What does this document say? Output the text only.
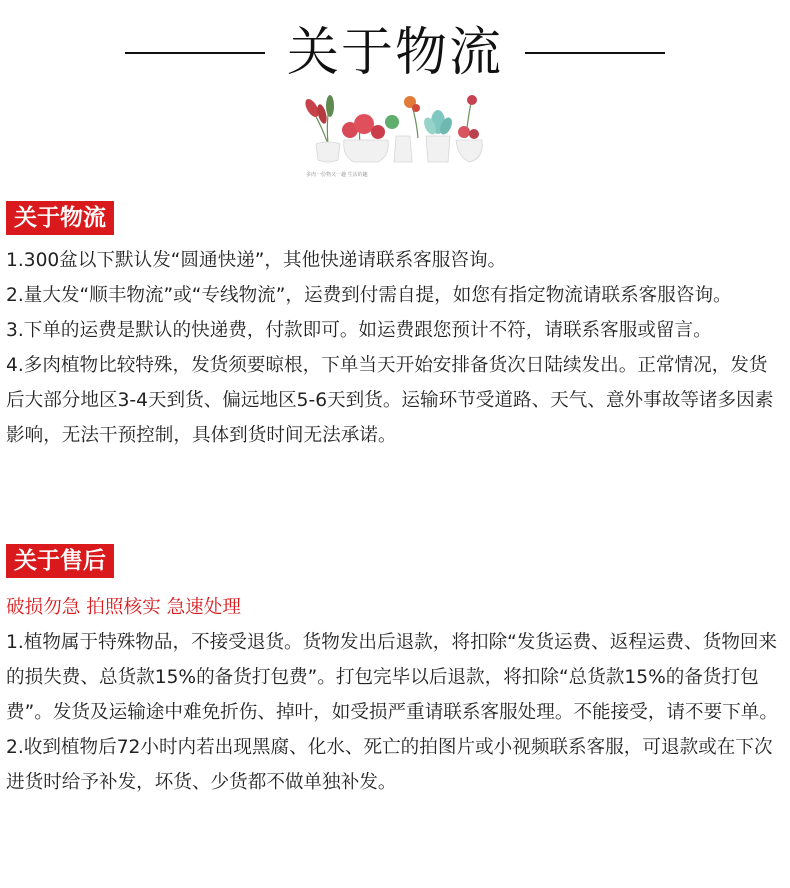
关于物流
多肉一份物又一趣 生活的趣
关于物流

1.300盆以下默认发“圆通快递”，其他快递请联系客服咨询。

2.量大发“顺丰物流”或“专线物流”，运费到付需自提，如您有指定物流请联系客服咨询。

3.下单的运费是默认的快递费，付款即可。如运费跟您预计不符，请联系客服或留言。

4.多肉植物比较特殊，发货须要晾根，下单当天开始安排备货次日陆续发出。正常情况，发货后大部分地区3-4天到货、偏远地区5-6天到货。运输环节受道路、天气、意外事故等诸多因素影响，无法干预控制，具体到货时间无法承诺。

关于售后

破损勿急 拍照核实 急速处理

1.植物属于特殊物品，不接受退货。货物发出后退款，将扣除“发货运费、返程运费、货物回来的损失费、总货款15%的备货打包费”。打包完毕以后退款，将扣除“总货款15%的备货打包费”。发货及运输途中难免折伤、掉叶，如受损严重请联系客服处理。不能接受，请不要下单。

2.收到植物后72小时内若出现黑腐、化水、死亡的拍图片或小视频联系客服，可退款或在下次进货时给予补发，坏货、少货都不做单独补发。
